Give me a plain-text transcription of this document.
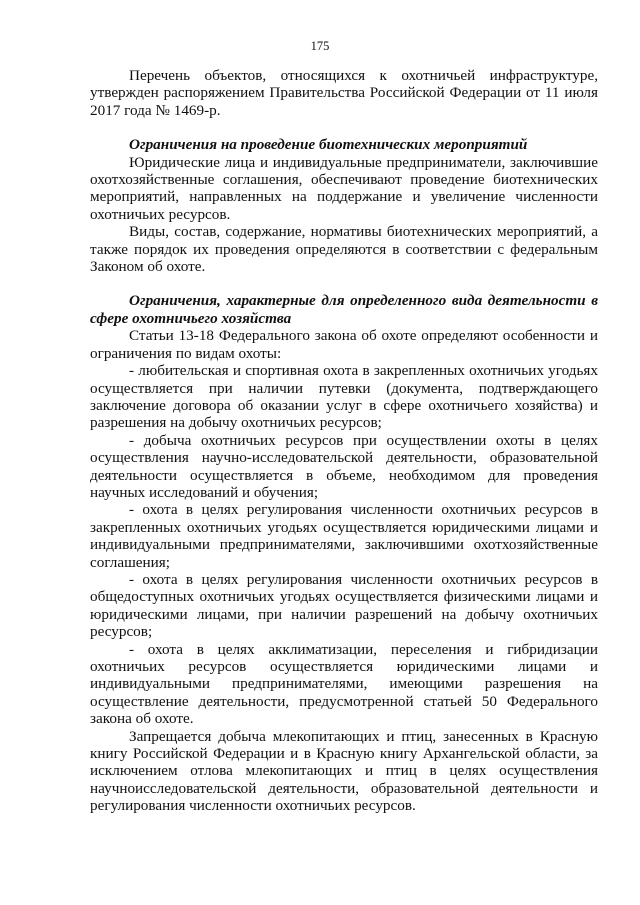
175

Перечень объектов, относящихся к охотничьей инфраструктуре, утвержден распоряжением Правительства Российской Федерации от 11 июля 2017 года № 1469-р.

Ограничения на проведение биотехнических мероприятий

Юридические лица и индивидуальные предприниматели, заключившие охотхозяйственные соглашения, обеспечивают проведение биотехнических мероприятий, направленных на поддержание и увеличение численности охотничьих ресурсов.

Виды, состав, содержание, нормативы биотехнических мероприятий, а также порядок их проведения определяются в соответствии с федеральным Законом об охоте.

Ограничения, характерные для определенного вида деятельности в сфере охотничьего хозяйства

Статьи 13-18 Федерального закона об охоте определяют особенности и ограничения по видам охоты:

- любительская и спортивная охота в закрепленных охотничьих угодьях осуществляется при наличии путевки (документа, подтверждающего заключение договора об оказании услуг в сфере охотничьего хозяйства) и разрешения на добычу охотничьих ресурсов;

- добыча охотничьих ресурсов при осуществлении охоты в целях осуществления научно-исследовательской деятельности, образовательной деятельности осуществляется в объеме, необходимом для проведения научных исследований и обучения;

- охота в целях регулирования численности охотничьих ресурсов в закрепленных охотничьих угодьях осуществляется юридическими лицами и индивидуальными предпринимателями, заключившими охотхозяйственные соглашения;

- охота в целях регулирования численности охотничьих ресурсов в общедоступных охотничьих угодьях осуществляется физическими лицами и юридическими лицами, при наличии разрешений на добычу охотничьих ресурсов;

- охота в целях акклиматизации, переселения и гибридизации охотничьих ресурсов осуществляется юридическими лицами и индивидуальными предпринимателями, имеющими разрешения на осуществление деятельности, предусмотренной статьей 50 Федерального закона об охоте.

Запрещается добыча млекопитающих и птиц, занесенных в Красную книгу Российской Федерации и в Красную книгу Архангельской области, за исключением отлова млекопитающих и птиц в целях осуществления научноисследовательской деятельности, образовательной деятельности и регулирования численности охотничьих ресурсов.
